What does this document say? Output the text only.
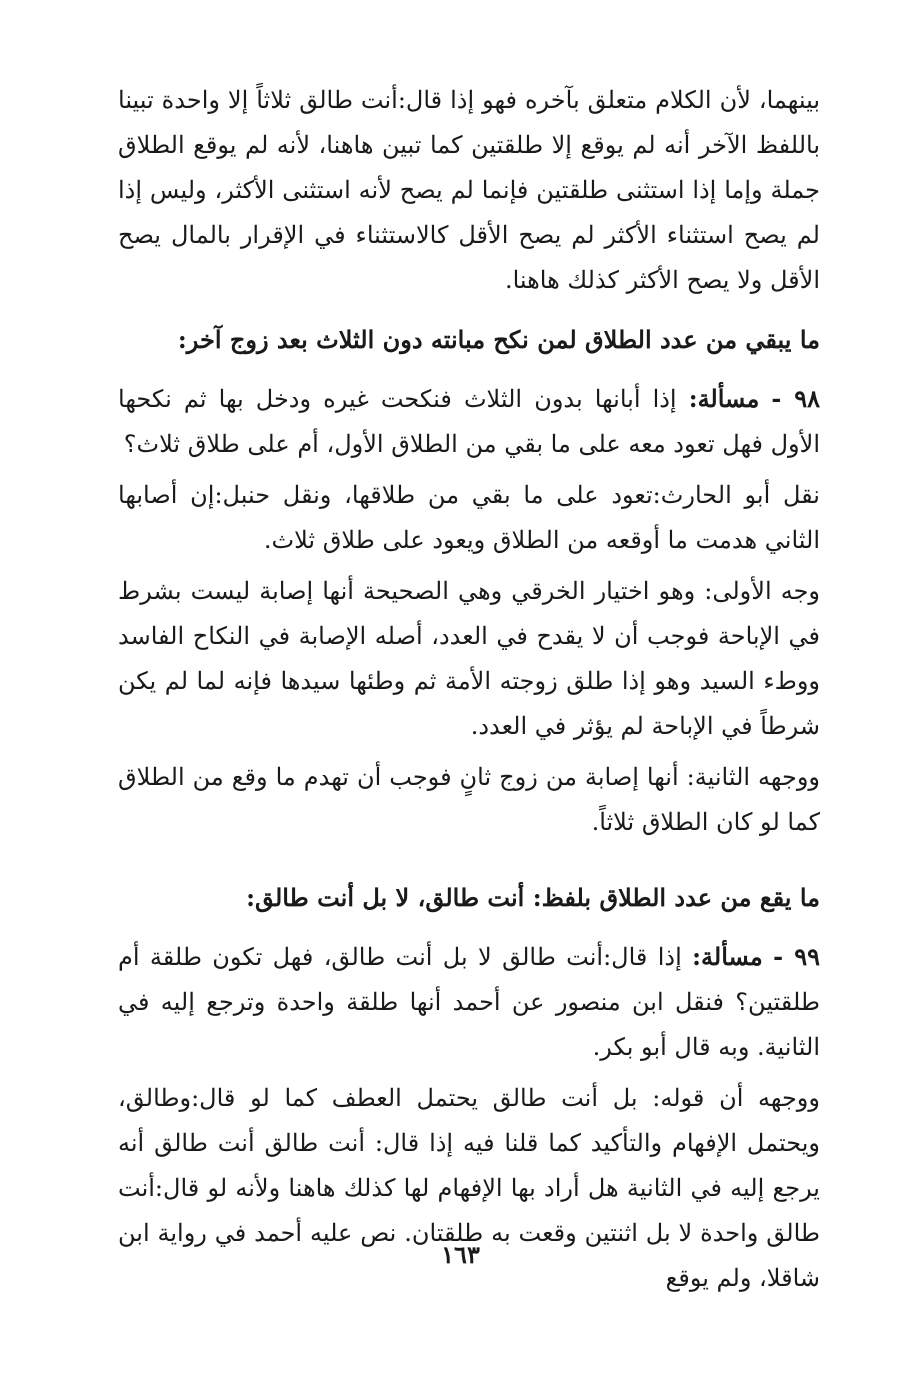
بينهما، لأن الكلام متعلق بآخره فهو إذا قال:أنت طالق ثلاثاً إلا واحدة تبينا باللفظ الآخر أنه لم يوقع إلا طلقتين كما تبين هاهنا، لأنه لم يوقع الطلاق جملة وإما إذا استثنى طلقتين فإنما لم يصح لأنه استثنى الأكثر، وليس إذا لم يصح استثناء الأكثر لم يصح الأقل كالاستثناء في الإقرار بالمال يصح الأقل ولا يصح الأكثر كذلك هاهنا.

ما يبقي من عدد الطلاق لمن نكح مبانته دون الثلاث بعد زوج آخر:

٩٨ - مسألة: إذا أبانها بدون الثلاث فنكحت غيره ودخل بها ثم نكحها الأول فهل تعود معه على ما بقي من الطلاق الأول، أم على طلاق ثلاث؟

نقل أبو الحارث:تعود على ما بقي من طلاقها، ونقل حنبل:إن أصابها الثاني هدمت ما أوقعه من الطلاق ويعود على طلاق ثلاث.

وجه الأولى: وهو اختيار الخرقي وهي الصحيحة أنها إصابة ليست بشرط في الإباحة فوجب أن لا يقدح في العدد، أصله الإصابة في النكاح الفاسد ووطء السيد وهو إذا طلق زوجته الأمة ثم وطئها سيدها فإنه لما لم يكن شرطاً في الإباحة لم يؤثر في العدد.

ووجهه الثانية: أنها إصابة من زوج ثانٍ فوجب أن تهدم ما وقع من الطلاق كما لو كان الطلاق ثلاثاً.

ما يقع من عدد الطلاق بلفظ: أنت طالق، لا بل أنت طالق:

٩٩ - مسألة: إذا قال:أنت طالق لا بل أنت طالق، فهل تكون طلقة أم طلقتين؟ فنقل ابن منصور عن أحمد أنها طلقة واحدة وترجع إليه في الثانية. وبه قال أبو بكر.

ووجهه أن قوله: بل أنت طالق يحتمل العطف كما لو قال:وطالق، ويحتمل الإفهام والتأكيد كما قلنا فيه إذا قال: أنت طالق أنت طالق أنه يرجع إليه في الثانية هل أراد بها الإفهام لها كذلك هاهنا ولأنه لو قال:أنت طالق واحدة لا بل اثنتين وقعت به طلقتان. نص عليه أحمد في رواية ابن شاقلا، ولم يوقع

١٦٣
